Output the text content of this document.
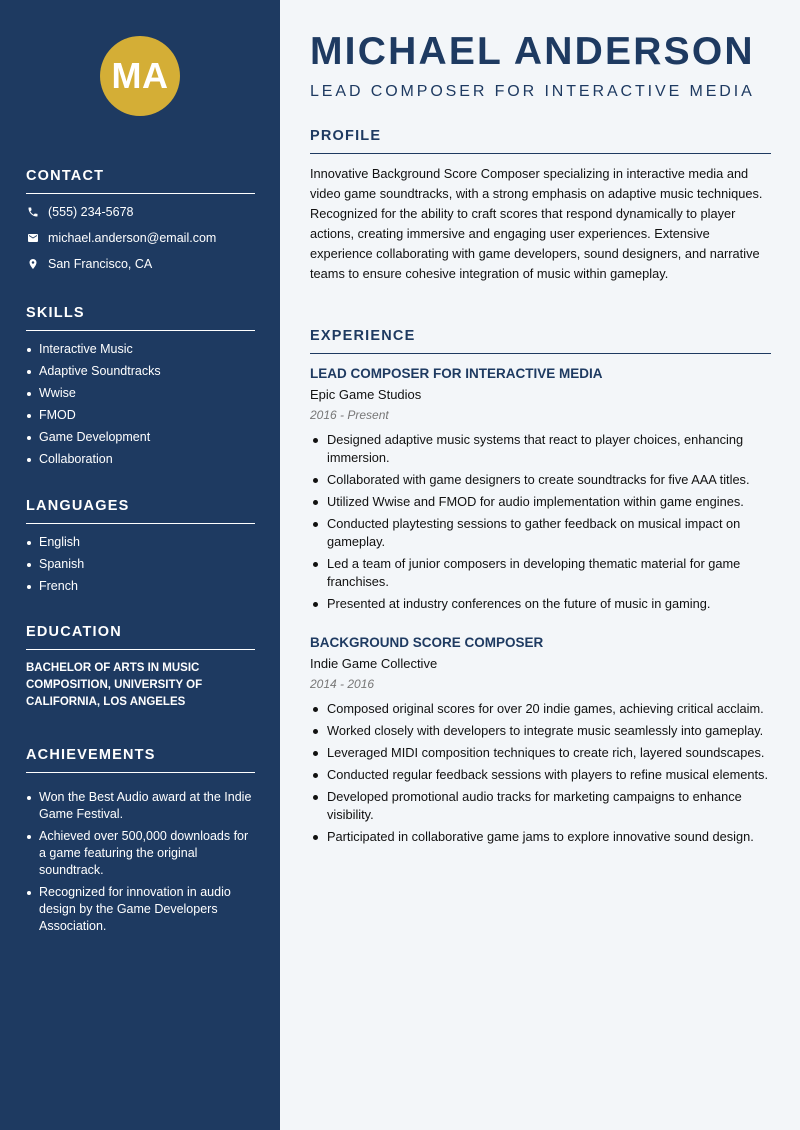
MA
CONTACT
(555) 234-5678
michael.anderson@email.com
San Francisco, CA
SKILLS
Interactive Music
Adaptive Soundtracks
Wwise
FMOD
Game Development
Collaboration
LANGUAGES
English
Spanish
French
EDUCATION
BACHELOR OF ARTS IN MUSIC COMPOSITION, UNIVERSITY OF CALIFORNIA, LOS ANGELES
ACHIEVEMENTS
Won the Best Audio award at the Indie Game Festival.
Achieved over 500,000 downloads for a game featuring the original soundtrack.
Recognized for innovation in audio design by the Game Developers Association.
MICHAEL ANDERSON
LEAD COMPOSER FOR INTERACTIVE MEDIA
PROFILE
Innovative Background Score Composer specializing in interactive media and video game soundtracks, with a strong emphasis on adaptive music techniques. Recognized for the ability to craft scores that respond dynamically to player actions, creating immersive and engaging user experiences. Extensive experience collaborating with game developers, sound designers, and narrative teams to ensure cohesive integration of music within gameplay.
EXPERIENCE
LEAD COMPOSER FOR INTERACTIVE MEDIA
Epic Game Studios
2016 - Present
Designed adaptive music systems that react to player choices, enhancing immersion.
Collaborated with game designers to create soundtracks for five AAA titles.
Utilized Wwise and FMOD for audio implementation within game engines.
Conducted playtesting sessions to gather feedback on musical impact on gameplay.
Led a team of junior composers in developing thematic material for game franchises.
Presented at industry conferences on the future of music in gaming.
BACKGROUND SCORE COMPOSER
Indie Game Collective
2014 - 2016
Composed original scores for over 20 indie games, achieving critical acclaim.
Worked closely with developers to integrate music seamlessly into gameplay.
Leveraged MIDI composition techniques to create rich, layered soundscapes.
Conducted regular feedback sessions with players to refine musical elements.
Developed promotional audio tracks for marketing campaigns to enhance visibility.
Participated in collaborative game jams to explore innovative sound design.
